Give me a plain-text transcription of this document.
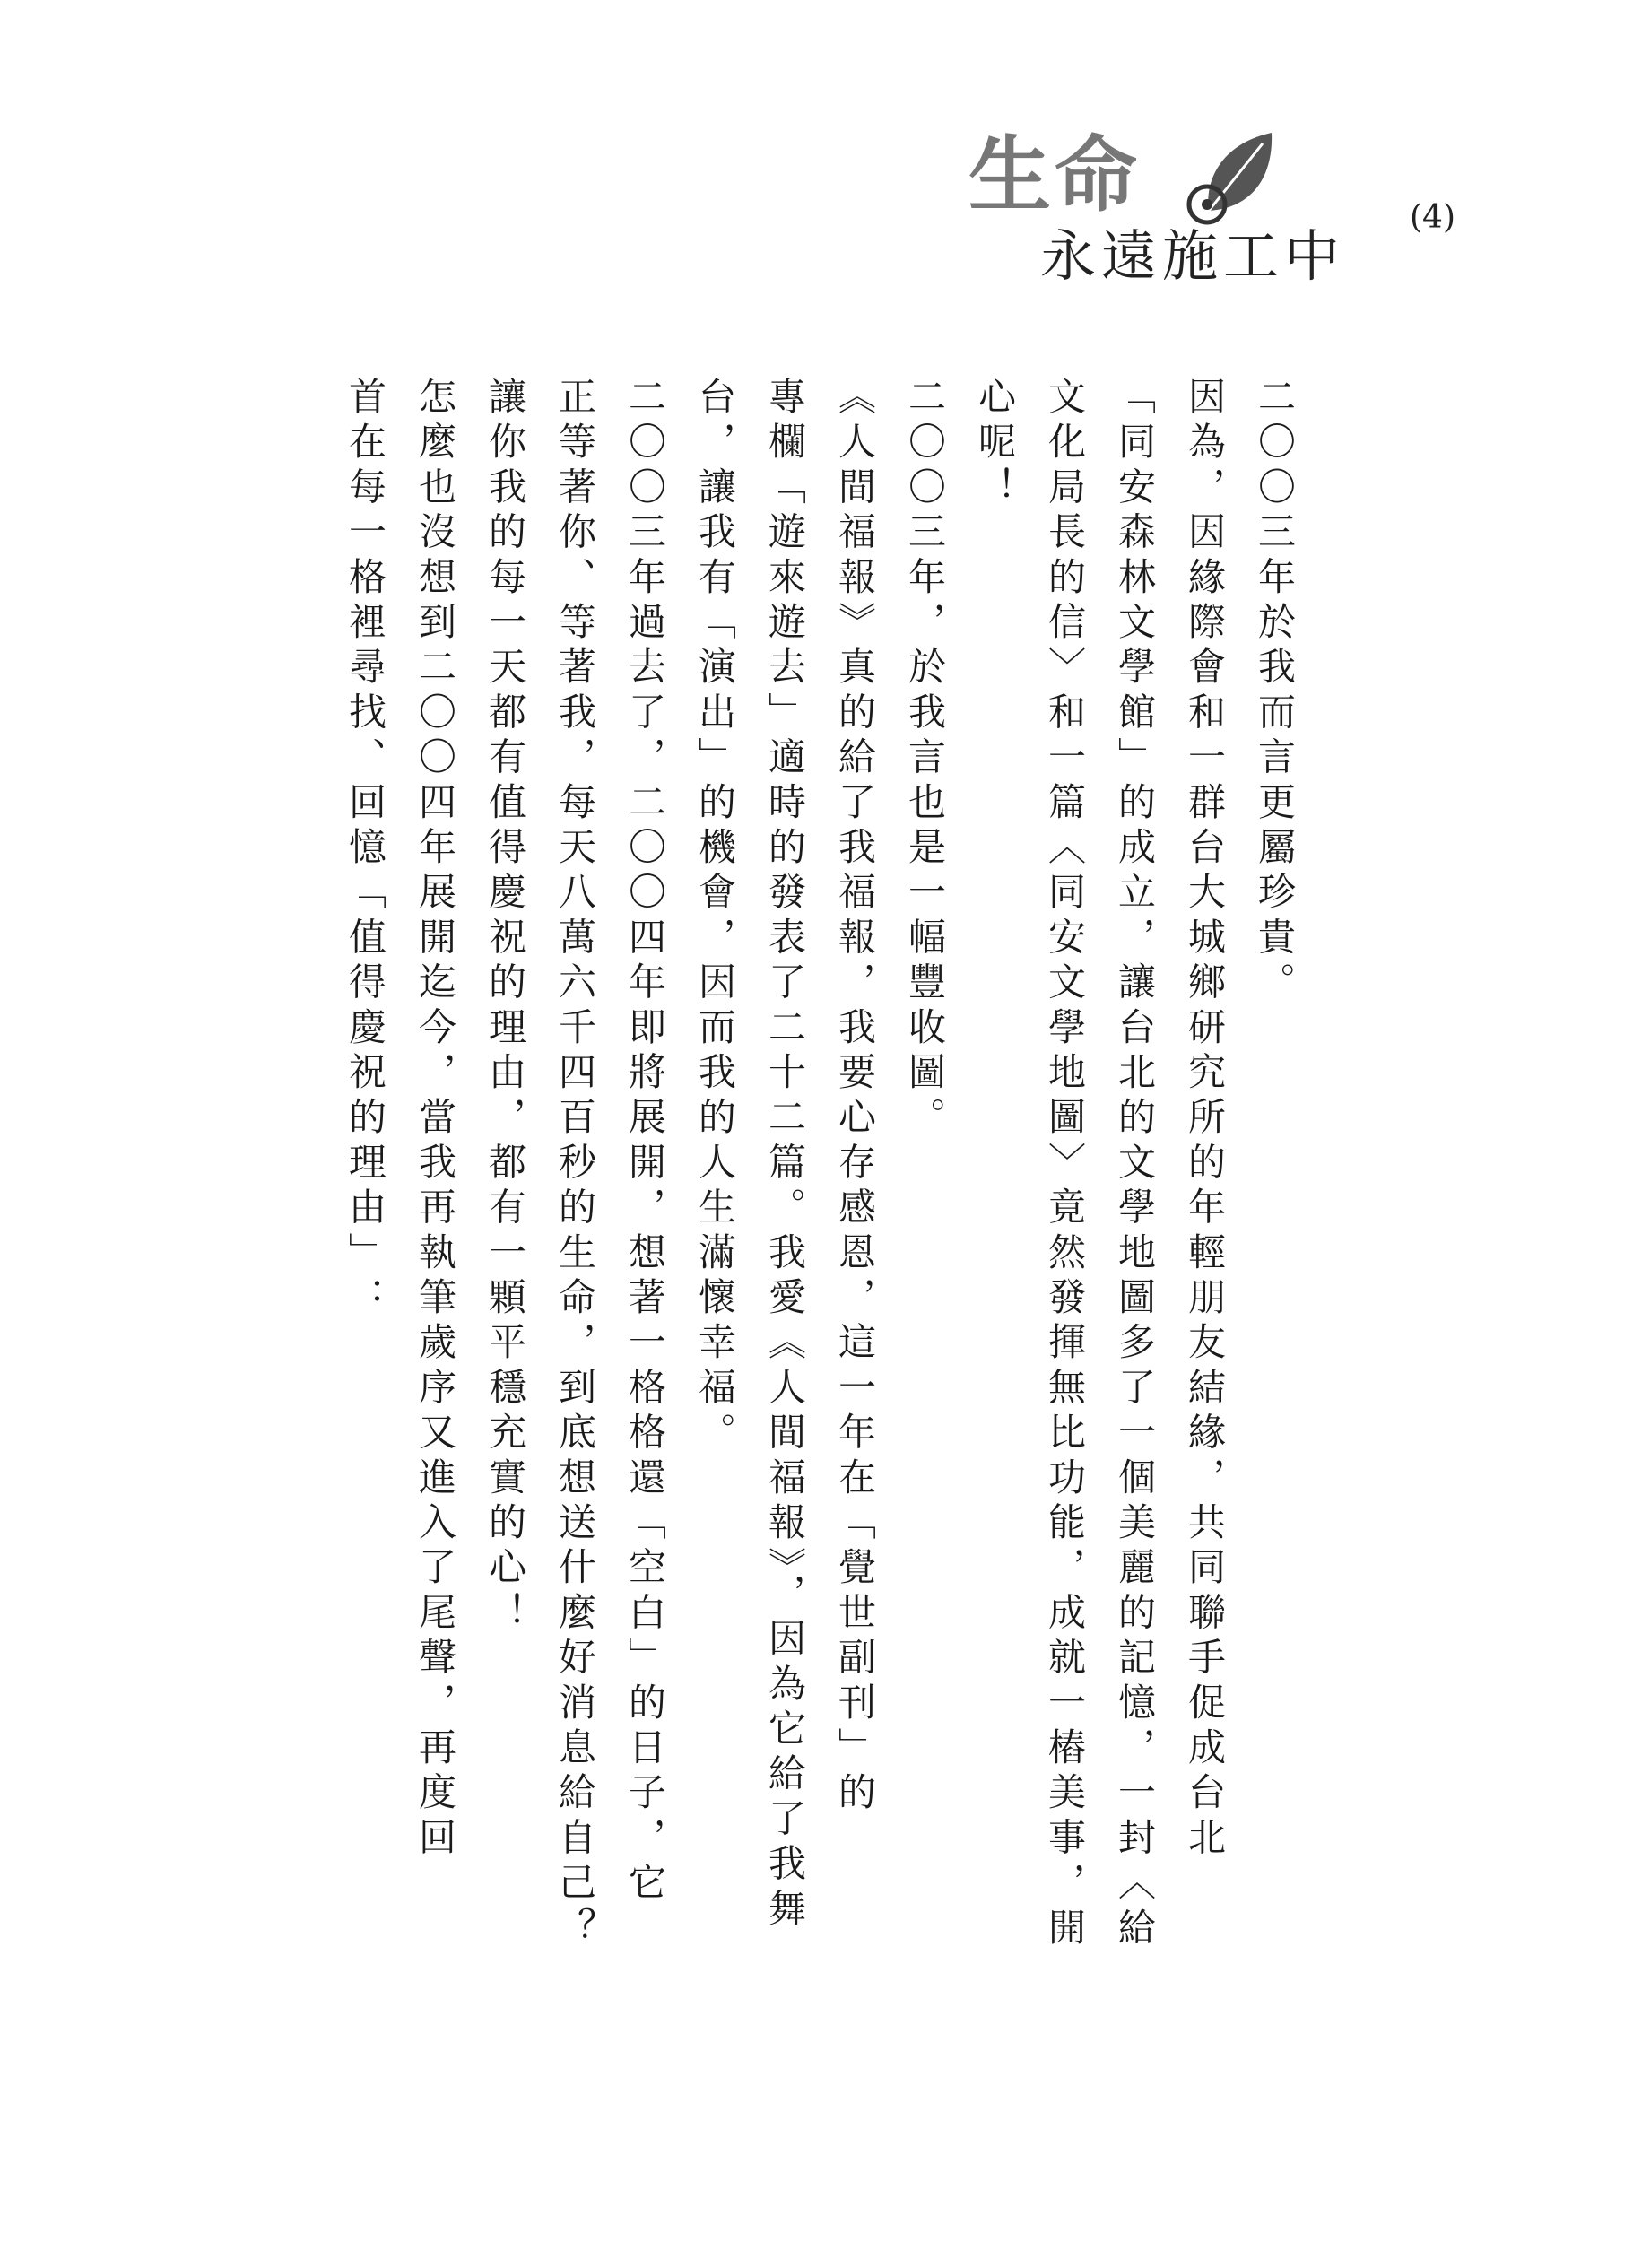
生命
永遠施工中
(4)
二〇〇三年於我而言更屬珍貴。
因為，因緣際會和一群台大城鄉研究所的年輕朋友結緣，共同聯手促成台北
「同安森林文學館」的成立，讓台北的文學地圖多了一個美麗的記憶，一封〈給
文化局長的信〉和一篇〈同安文學地圖〉竟然發揮無比功能，成就一樁美事，開
心呢！
二〇〇三年，於我言也是一幅豐收圖。
《人間福報》真的給了我福報，我要心存感恩，這一年在「覺世副刊」的
專欄「遊來遊去」適時的發表了二十二篇。我愛《人間福報》，因為它給了我舞
台，讓我有「演出」的機會，因而我的人生滿懷幸福。
二〇〇三年過去了，二〇〇四年即將展開，想著一格格還「空白」的日子，它
正等著你、等著我，每天八萬六千四百秒的生命，到底想送什麼好消息給自己？
讓你我的每一天都有值得慶祝的理由，都有一顆平穩充實的心！
怎麼也沒想到二〇〇四年展開迄今，當我再執筆歲序又進入了尾聲，再度回
首在每一格裡尋找、回憶「值得慶祝的理由」：
